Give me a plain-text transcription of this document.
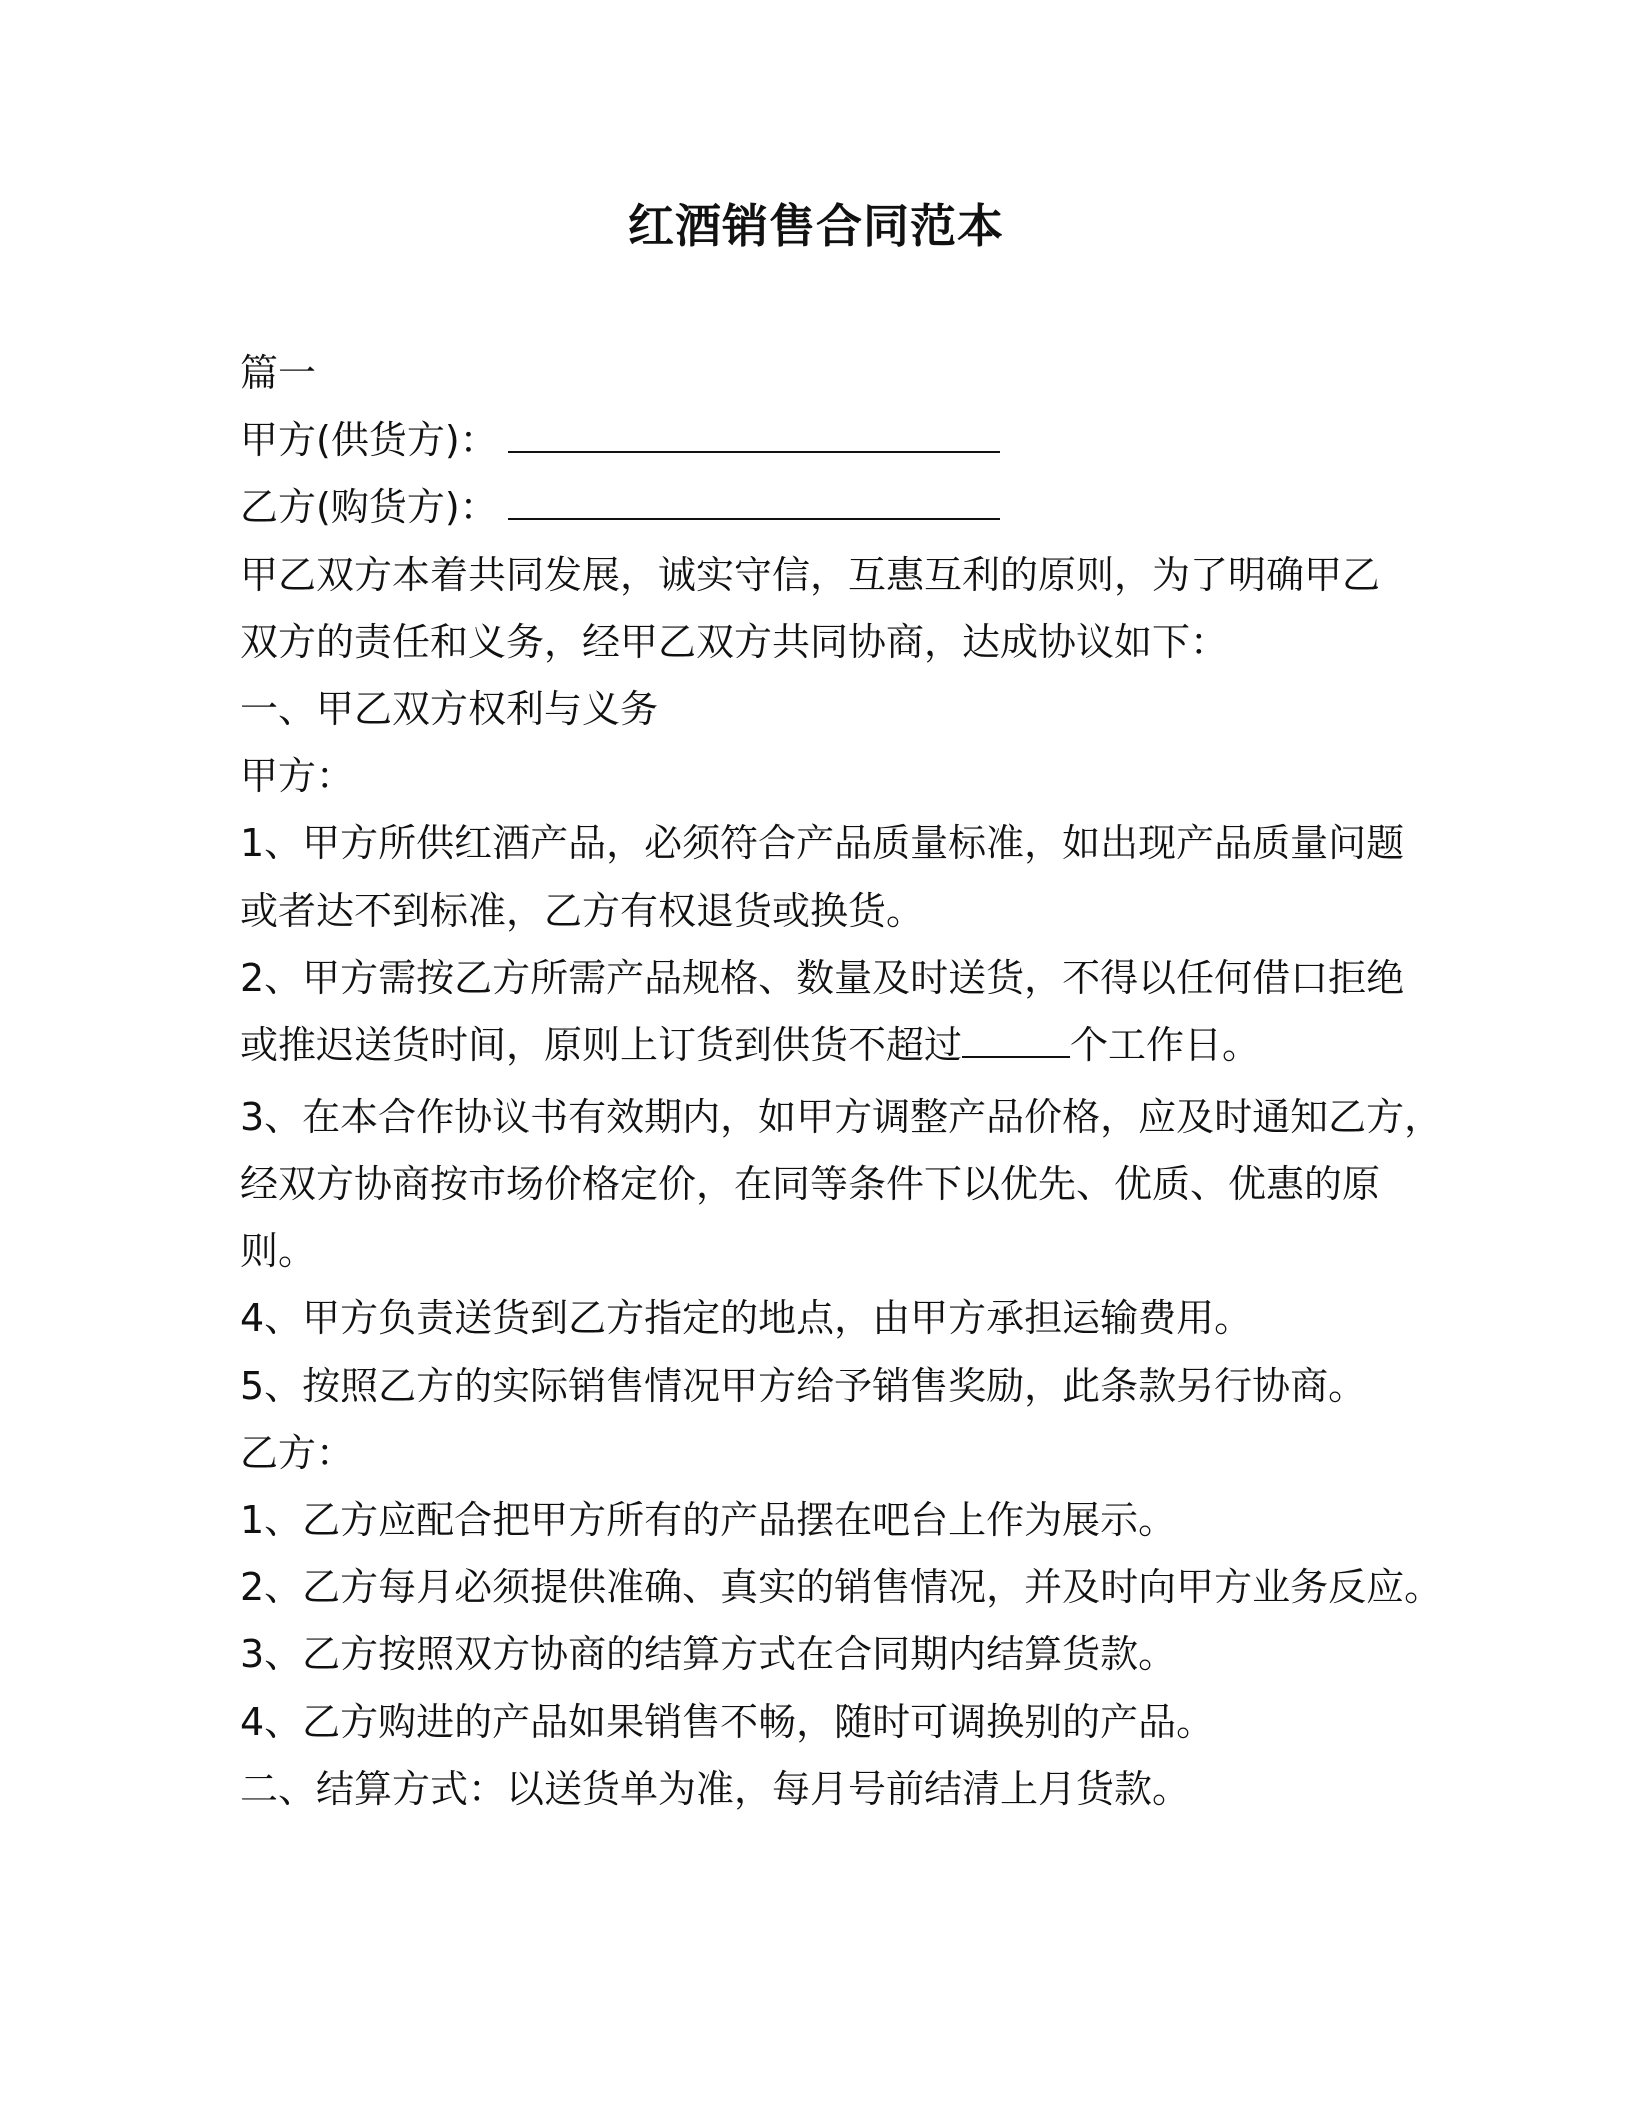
红酒销售合同范本
篇一
甲方(供货方)：
乙方(购货方)：
甲乙双方本着共同发展，诚实守信，互惠互利的原则，为了明确甲乙
双方的责任和义务，经甲乙双方共同协商，达成协议如下：
一、甲乙双方权利与义务
甲方：
1、甲方所供红酒产品，必须符合产品质量标准，如出现产品质量问题
或者达不到标准，乙方有权退货或换货。
2、甲方需按乙方所需产品规格、数量及时送货，不得以任何借口拒绝
或推迟送货时间，原则上订货到供货不超过	个工作日。
3、在本合作协议书有效期内，如甲方调整产品价格，应及时通知乙方，
经双方协商按市场价格定价，在同等条件下以优先、优质、优惠的原
则。
4、甲方负责送货到乙方指定的地点，由甲方承担运输费用。
5、按照乙方的实际销售情况甲方给予销售奖励，此条款另行协商。
乙方：
1、乙方应配合把甲方所有的产品摆在吧台上作为展示。
2、乙方每月必须提供准确、真实的销售情况，并及时向甲方业务反应。
3、乙方按照双方协商的结算方式在合同期内结算货款。
4、乙方购进的产品如果销售不畅，随时可调换别的产品。
二、结算方式：以送货单为准，每月号前结清上月货款。
